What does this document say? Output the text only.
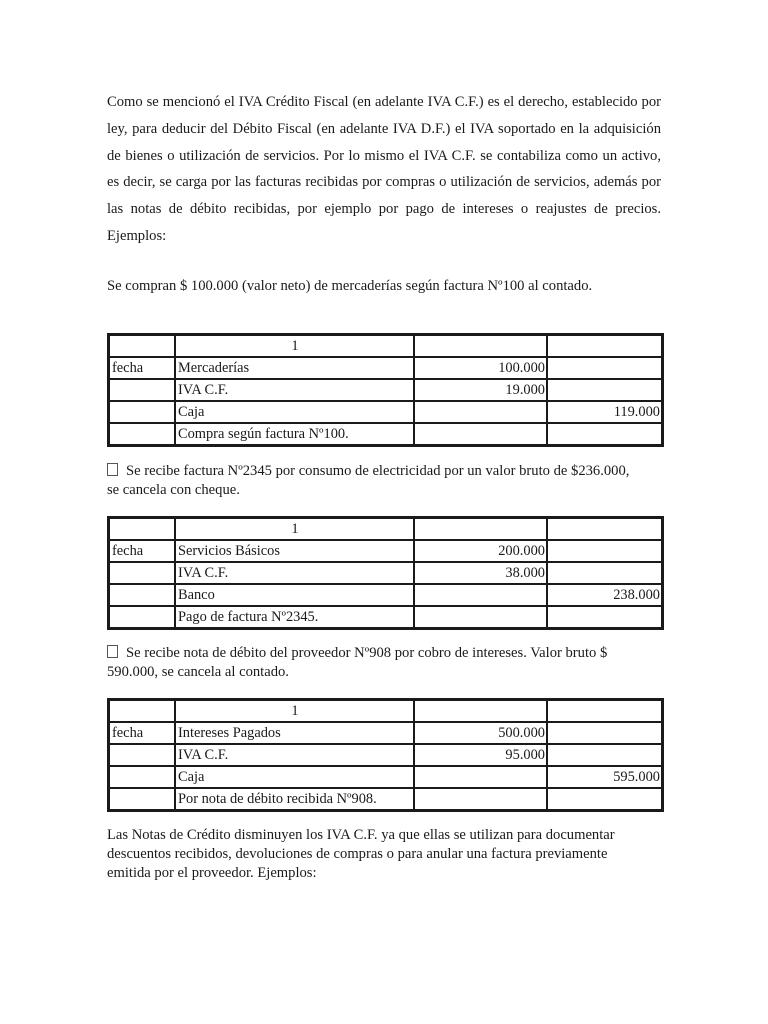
Como se mencionó el IVA Crédito Fiscal (en adelante IVA C.F.) es el derecho, establecido por ley, para deducir del Débito Fiscal (en adelante IVA D.F.) el IVA soportado en la adquisición de bienes o utilización de servicios. Por lo mismo el IVA C.F. se contabiliza como un activo, es decir, se carga por las facturas recibidas por compras o utilización de servicios, además por las notas de débito recibidas, por ejemplo por pago de intereses o reajustes de precios. Ejemplos:

Se compran $ 100.000 (valor neto) de mercaderías según factura Nº100 al contado.

	1		
fecha	Mercaderías	100.000	
	IVA C.F.	19.000	
	Caja		119.000
	Compra según factura Nº100.		

Se recibe factura Nº2345 por consumo de electricidad por un valor bruto de $236.000,
se cancela con cheque.

	1		
fecha	Servicios Básicos	200.000	
	IVA C.F.	38.000	
	Banco		238.000
	Pago de factura Nº2345.		

Se recibe nota de débito del proveedor Nº908 por cobro de intereses. Valor bruto $
590.000, se cancela al contado.

	1		
fecha	Intereses Pagados	500.000	
	IVA C.F.	95.000	
	Caja		595.000
	Por nota de débito recibida Nº908.		

Las Notas de Crédito disminuyen los IVA C.F. ya que ellas se utilizan para documentar
descuentos recibidos, devoluciones de compras o para anular una factura previamente
emitida por el proveedor. Ejemplos:
